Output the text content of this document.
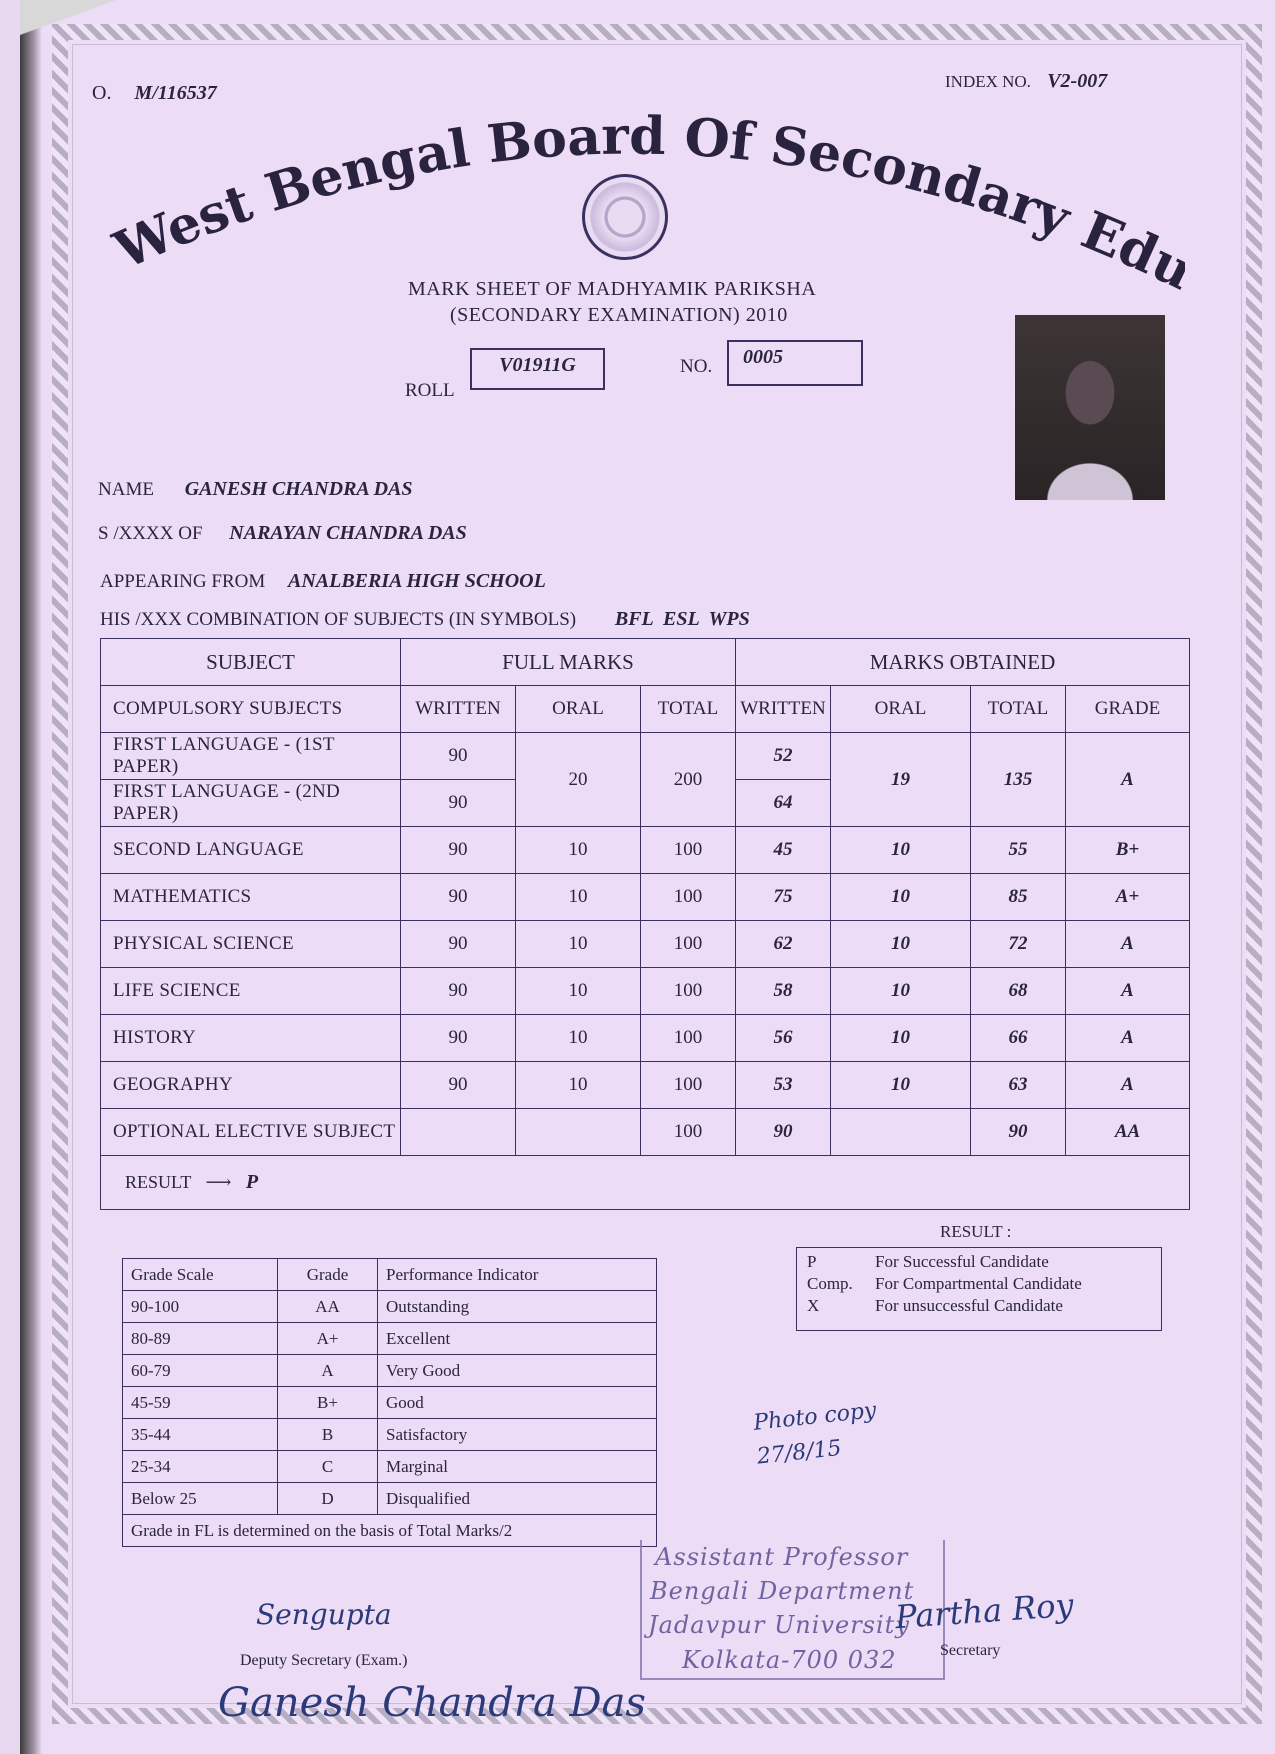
O. M/116537
INDEX NO. V2-007
West Bengal Board Of Secondary Ed
MARK SHEET OF MADHYAMIK PARIKSHA
(SECONDARY EXAMINATION) 2010
ROLL
V01911G	NO.	0005
NAME GANESH CHANDRA DAS
S /XXXX OF NARAYAN CHANDRA DAS
APPEARING FROM ANALBERIA HIGH SCHOOL
HIS /XXX COMBINATION OF SUBJECTS (IN SYMBOLS) BFL  ESL  WPS
SUBJECT	FULL MARKS			MARKS OBTAINED			
COMPULSORY SUBJECTS	WRITTEN	ORAL	TOTAL	WRITTEN	ORAL	TOTAL	GRADE
FIRST LANGUAGE - (1ST PAPER)	90	20	200	52	19	135	A
FIRST LANGUAGE - (2ND PAPER)	90			64			
SECOND LANGUAGE	90	10	100	45	10	55	B+
MATHEMATICS	90	10	100	75	10	85	A+
PHYSICAL SCIENCE	90	10	100	62	10	72	A
LIFE SCIENCE	90	10	100	58	10	68	A
HISTORY	90	10	100	56	10	66	A
GEOGRAPHY	90	10	100	53	10	63	A
OPTIONAL ELECTIVE SUBJECT			100	90		90	AA
RESULT ⟶ P							
Grade Scale	Grade	Performance Indicator
90-100	AA	Outstanding
80-89	A+	Excellent
60-79	A	Very Good
45-59	B+	Good
35-44	B	Satisfactory
25-34	C	Marginal
Below 25	D	Disqualified
Grade in FL is determined on the basis of Total Marks/2		
RESULT :
P	For Successful Candidate
Comp.	For Compartmental Candidate
X	For unsuccessful Candidate
Photo copy 27/8/15
Assistant Professor
Bengali Department
Jadavpur University
Kolkata-700 032
Sengupta
Deputy Secretary (Exam.)
Partha Roy
Secretary
Ganesh Chandra Das
